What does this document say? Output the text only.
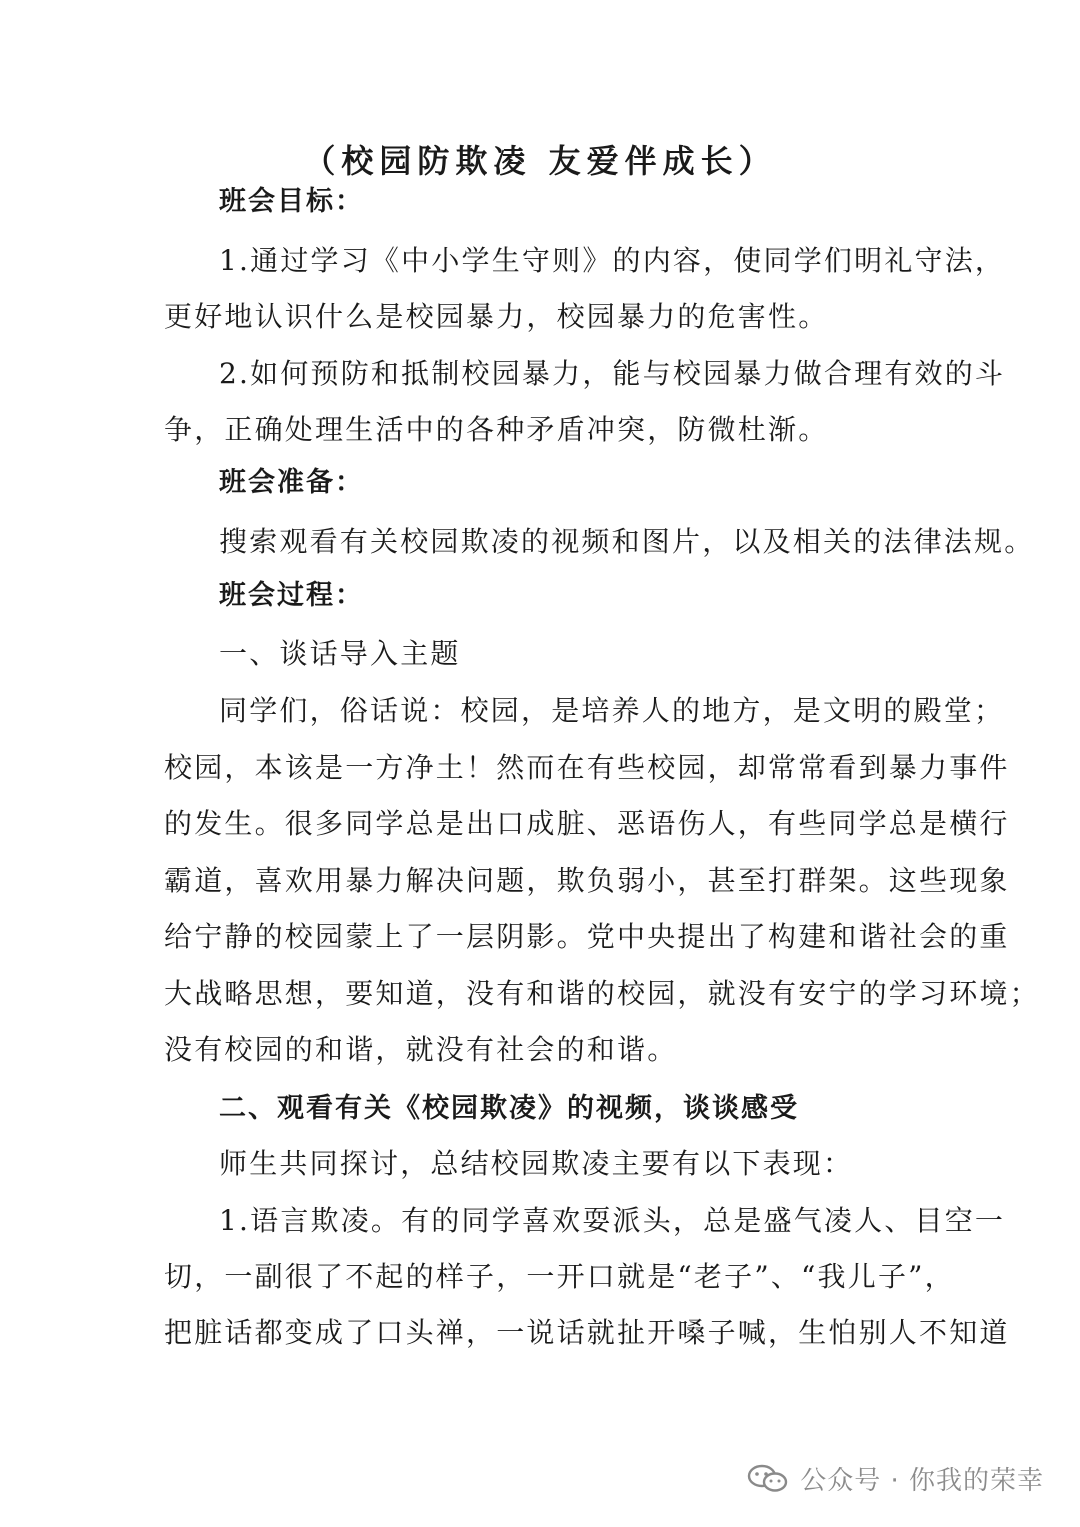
（校园防欺凌 友爱伴成长）
班会目标：
1.通过学习《中小学生守则》的内容，使同学们明礼守法，
更好地认识什么是校园暴力，校园暴力的危害性。
2.如何预防和抵制校园暴力，能与校园暴力做合理有效的斗
争，正确处理生活中的各种矛盾冲突，防微杜渐。
班会准备：
搜索观看有关校园欺凌的视频和图片，以及相关的法律法规。
班会过程：
一、谈话导入主题
同学们，俗话说：校园，是培养人的地方，是文明的殿堂；
校园，本该是一方净土！然而在有些校园，却常常看到暴力事件
的发生。很多同学总是出口成脏、恶语伤人，有些同学总是横行
霸道，喜欢用暴力解决问题，欺负弱小，甚至打群架。这些现象
给宁静的校园蒙上了一层阴影。党中央提出了构建和谐社会的重
大战略思想，要知道，没有和谐的校园，就没有安宁的学习环境；
没有校园的和谐，就没有社会的和谐。
二、观看有关《校园欺凌》的视频，谈谈感受
师生共同探讨，总结校园欺凌主要有以下表现：
1.语言欺凌。有的同学喜欢耍派头，总是盛气凌人、目空一
切，一副很了不起的样子，一开口就是“老子”、“我儿子”，
把脏话都变成了口头禅，一说话就扯开嗓子喊，生怕别人不知道
公众号 · 你我的荣幸
